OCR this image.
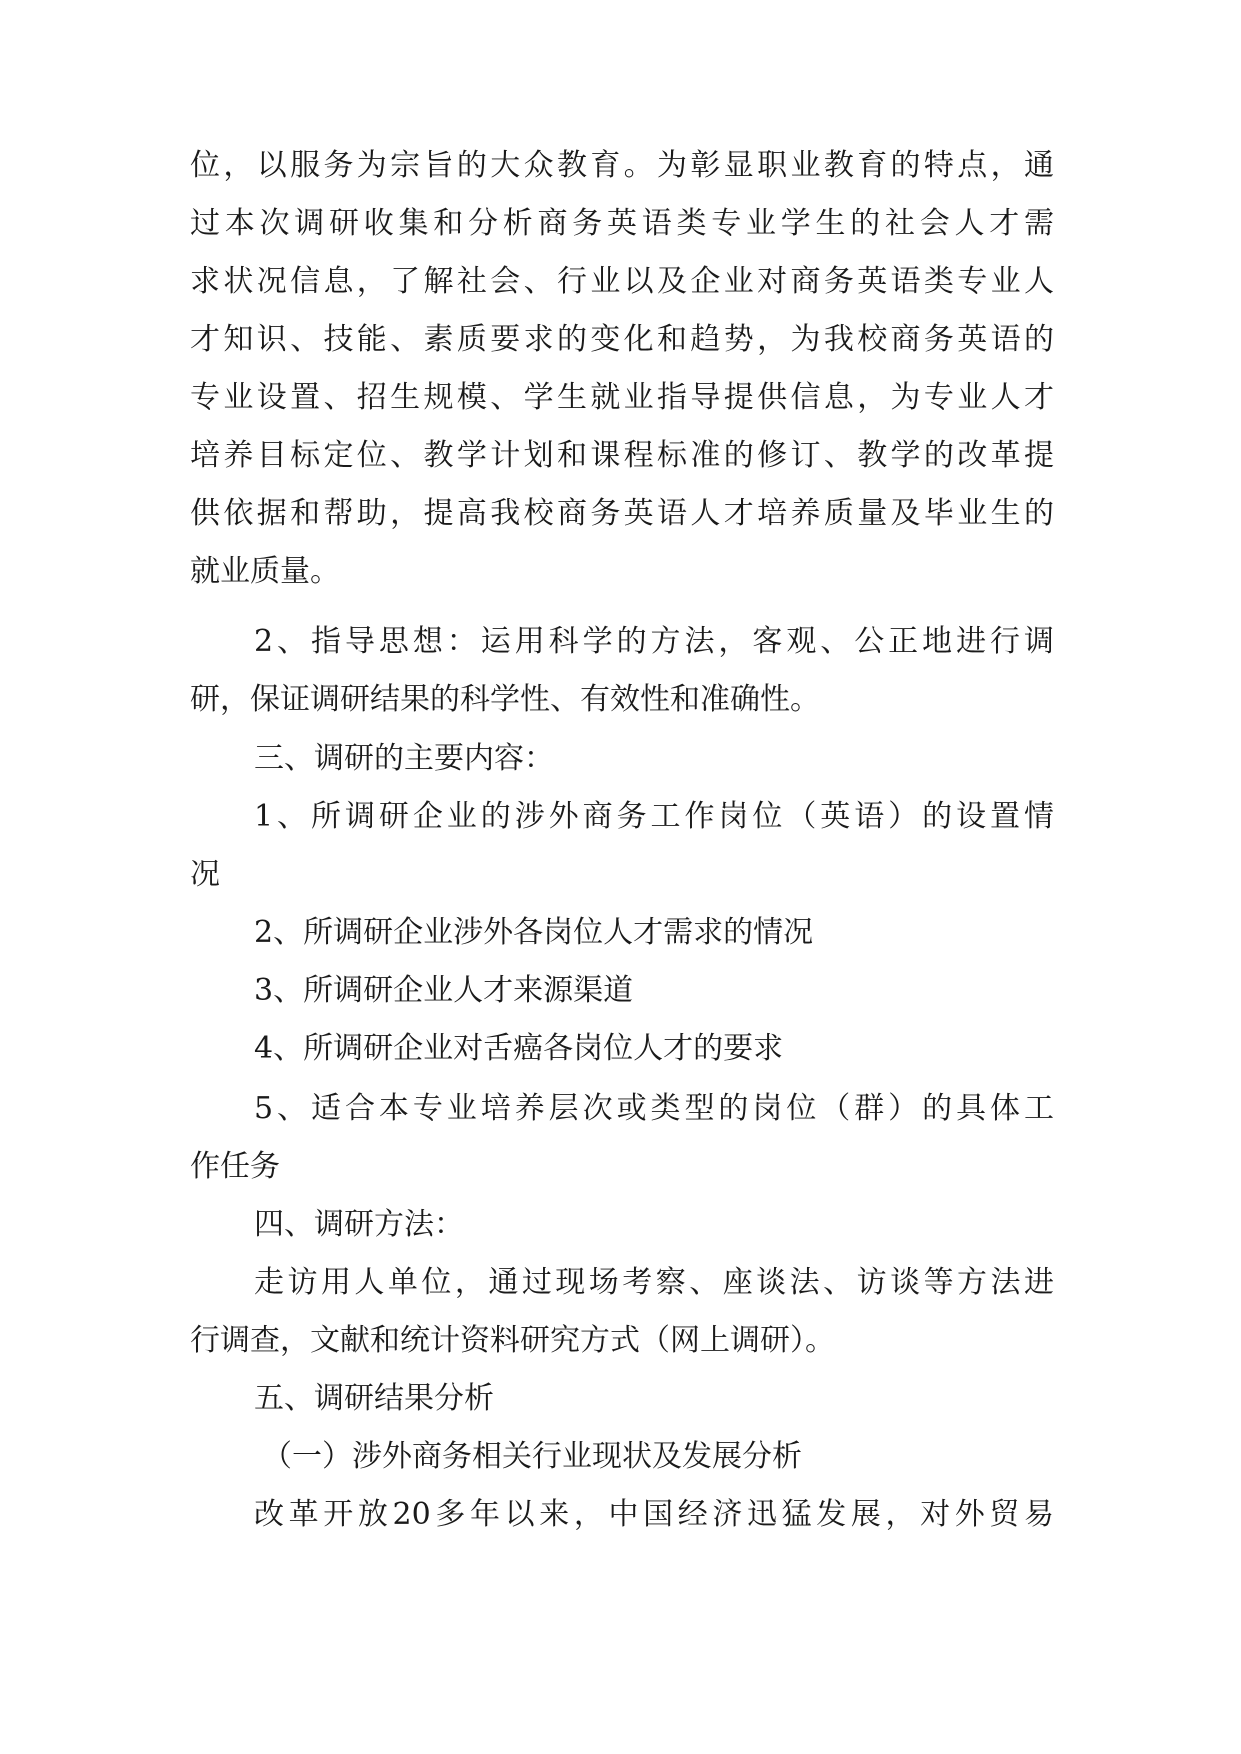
位，以服务为宗旨的大众教育。为彰显职业教育的特点，通
过本次调研收集和分析商务英语类专业学生的社会人才需
求状况信息，了解社会、行业以及企业对商务英语类专业人
才知识、技能、素质要求的变化和趋势，为我校商务英语的
专业设置、招生规模、学生就业指导提供信息，为专业人才
培养目标定位、教学计划和课程标准的修订、教学的改革提
供依据和帮助，提高我校商务英语人才培养质量及毕业生的
就业质量。
2、指导思想：运用科学的方法，客观、公正地进行调
研，保证调研结果的科学性、有效性和准确性。
三、调研的主要内容：
1、所调研企业的涉外商务工作岗位（英语）的设置情
况
2、所调研企业涉外各岗位人才需求的情况
3、所调研企业人才来源渠道
4、所调研企业对舌癌各岗位人才的要求
5、适合本专业培养层次或类型的岗位（群）的具体工
作任务
四、调研方法：
走访用人单位，通过现场考察、座谈法、访谈等方法进
行调查，文献和统计资料研究方式（网上调研）。
五、调研结果分析
（一）涉外商务相关行业现状及发展分析
改革开放20多年以来，中国经济迅猛发展，对外贸易
